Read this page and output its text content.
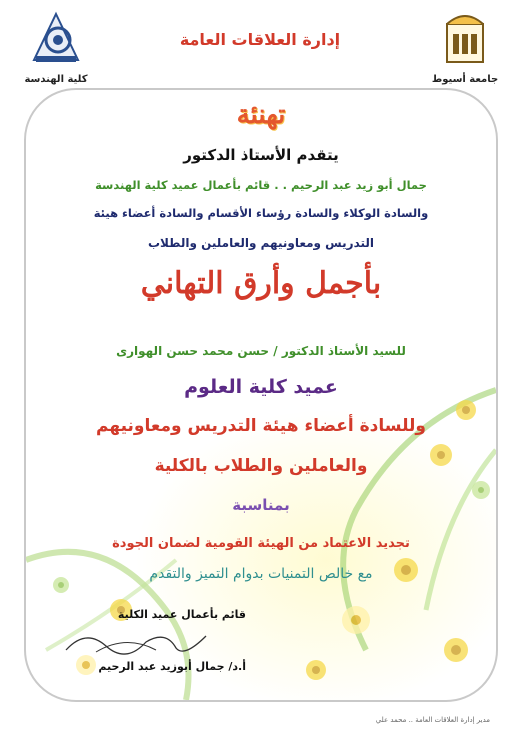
كلية الهندسة
إدارة العلاقات العامة
جامعة أسيوط
تهنئة
يتقدم الأستاذ الدكتور
جمال أبو زيد عبد الرحيم . . قائم بأعمال عميد كلية الهندسة
والسادة الوكلاء والسادة رؤساء الأقسام والسادة أعضاء هيئة
التدريس ومعاونيهم والعاملين والطلاب
بأجمل وأرق التهاني
للسيد الأستاذ الدكتور / حسن محمد حسن الهوارى
عميد كلية العلوم
وللسادة أعضاء هيئة التدريس ومعاونيهم
والعاملين والطلاب بالكلية
بمناسبة
تجديد الاعتماد من الهيئة القومية لضمان الجودة
مع خالص التمنيات بدوام التميز والتقدم
قائم بأعمال عميد الكلية
أ.د/ جمال أبوزيد عبد الرحيم
مدير إدارة العلاقات العامة .. محمد علي
